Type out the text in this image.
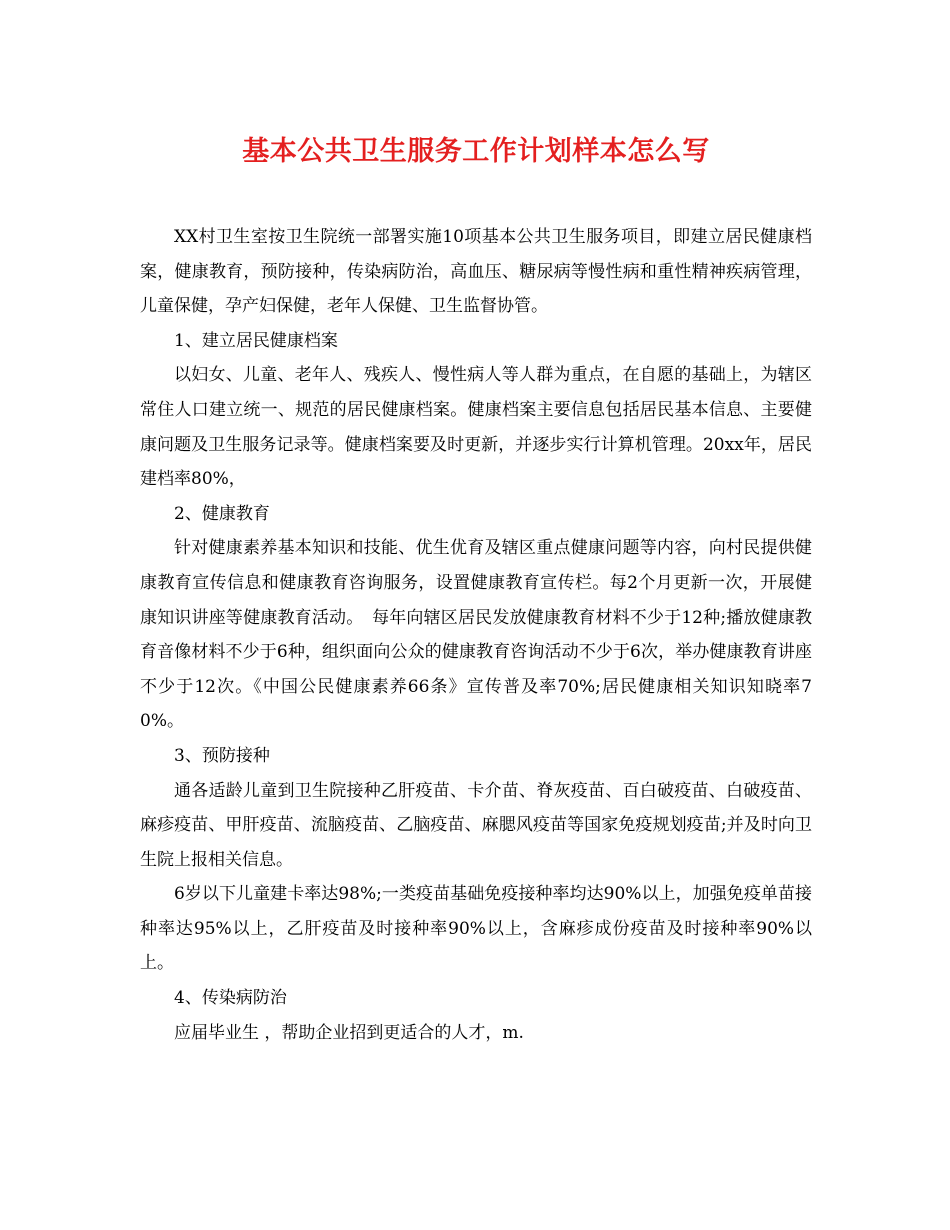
基本公共卫生服务工作计划样本怎么写

XX村卫生室按卫生院统一部署实施10项基本公共卫生服务项目，即建立居民健康档案，健康教育，预防接种，传染病防治，高血压、糖尿病等慢性病和重性精神疾病管理，儿童保健，孕产妇保健，老年人保健、卫生监督协管。

1、建立居民健康档案

以妇女、儿童、老年人、残疾人、慢性病人等人群为重点，在自愿的基础上，为辖区常住人口建立统一、规范的居民健康档案。健康档案主要信息包括居民基本信息、主要健康问题及卫生服务记录等。健康档案要及时更新，并逐步实行计算机管理。20xx年，居民建档率80%，

2、健康教育

针对健康素养基本知识和技能、优生优育及辖区重点健康问题等内容，向村民提供健康教育宣传信息和健康教育咨询服务，设置健康教育宣传栏。每2个月更新一次，开展健康知识讲座等健康教育活动。　每年向辖区居民发放健康教育材料不少于12种;播放健康教育音像材料不少于6种，组织面向公众的健康教育咨询活动不少于6次，举办健康教育讲座不少于12次。《中国公民健康素养66条》宣传普及率70%;居民健康相关知识知晓率70%。

3、预防接种

通各适龄儿童到卫生院接种乙肝疫苗、卡介苗、脊灰疫苗、百白破疫苗、白破疫苗、麻疹疫苗、甲肝疫苗、流脑疫苗、乙脑疫苗、麻腮风疫苗等国家免疫规划疫苗;并及时向卫生院上报相关信息。

6岁以下儿童建卡率达98%;一类疫苗基础免疫接种率均达90%以上，加强免疫单苗接种率达95%以上，乙肝疫苗及时接种率90%以上，含麻疹成份疫苗及时接种率90%以上。

4、传染病防治

应届毕业生 ，帮助企业招到更适合的人才，m.
